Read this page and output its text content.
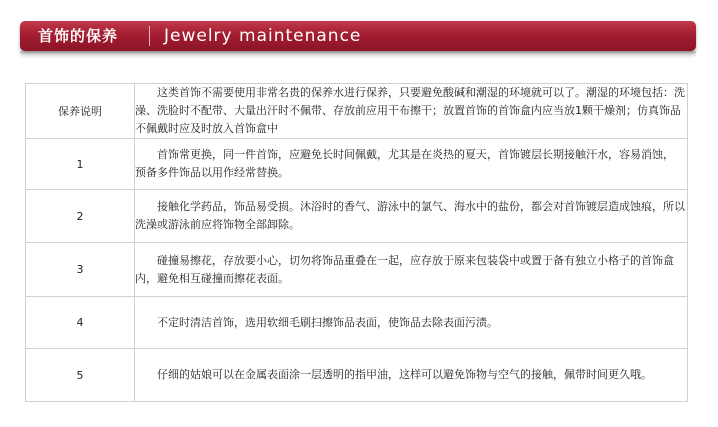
首饰的保养	Jewelry maintenance
保养说明	这类首饰不需要使用非常名贵的保养水进行保养，只要避免酸碱和潮湿的环境就可以了。潮湿的环境包括：洗澡、洗脸时不配带、大量出汗时不佩带、存放前应用干布擦干；放置首饰的首饰盒内应当放1颗干燥剂；仿真饰品不佩戴时应及时放入首饰盒中
1	首饰常更换，同一件首饰，应避免长时间佩戴，尤其是在炎热的夏天，首饰镀层长期接触汗水，容易消蚀，　预备多件饰品以用作经常替换。
2	接触化学药品，饰品易受损。沐浴时的香气、游泳中的氯气、海水中的盐份，都会对首饰镀层造成蚀痕，所以洗澡或游泳前应将饰物全部卸除。
3	碰撞易擦花，存放要小心，切勿将饰品重叠在一起，应存放于原来包装袋中或置于备有独立小格子的首饰盒内，避免相互碰撞而擦花表面。
4	不定时清洁首饰，选用软细毛刷扫擦饰品表面，使饰品去除表面污渍。
5	仔细的姑娘可以在金属表面涂一层透明的指甲油，这样可以避免饰物与空气的接触，佩带时间更久哦。
